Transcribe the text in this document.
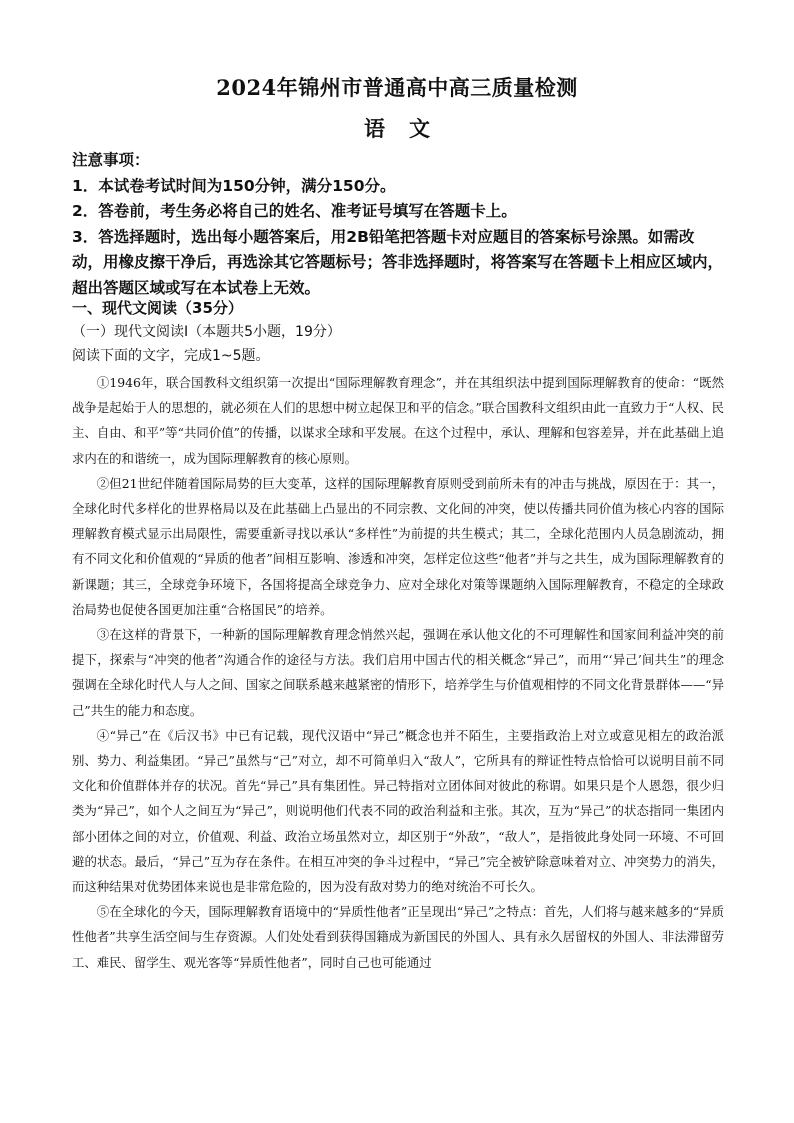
2024年锦州市普通高中高三质量检测
语文

注意事项：

1．本试卷考试时间为150分钟，满分150分。

2．答卷前，考生务必将自己的姓名、准考证号填写在答题卡上。

3．答选择题时，选出每小题答案后，用2B铅笔把答题卡对应题目的答案标号涂黑。如需改动，用橡皮擦干净后，再选涂其它答题标号；答非选择题时，将答案写在答题卡上相应区域内，超出答题区域或写在本试卷上无效。

一、现代文阅读（35分）

（一）现代文阅读Ⅰ（本题共5小题，19分）

阅读下面的文字，完成1~5题。

①1946年，联合国教科文组织第一次提出“国际理解教育理念”，并在其组织法中提到国际理解教育的使命：“既然战争是起始于人的思想的，就必须在人们的思想中树立起保卫和平的信念。”联合国教科文组织由此一直致力于“人权、民主、自由、和平”等“共同价值”的传播，以谋求全球和平发展。在这个过程中，承认、理解和包容差异，并在此基础上追求内在的和谐统一，成为国际理解教育的核心原则。

②但21世纪伴随着国际局势的巨大变革，这样的国际理解教育原则受到前所未有的冲击与挑战，原因在于：其一，全球化时代多样化的世界格局以及在此基础上凸显出的不同宗教、文化间的冲突，使以传播共同价值为核心内容的国际理解教育模式显示出局限性，需要重新寻找以承认“多样性”为前提的共生模式；其二，全球化范围内人员急剧流动，拥有不同文化和价值观的“异质的他者”间相互影响、渗透和冲突，怎样定位这些“他者”并与之共生，成为国际理解教育的新课题；其三，全球竞争环境下，各国将提高全球竞争力、应对全球化对策等课题纳入国际理解教育，不稳定的全球政治局势也促使各国更加注重“合格国民”的培养。

③在这样的背景下，一种新的国际理解教育理念悄然兴起，强调在承认他文化的不可理解性和国家间利益冲突的前提下，探索与“冲突的他者”沟通合作的途径与方法。我们启用中国古代的相关概念“异己”，而用“‘异己’间共生”的理念强调在全球化时代人与人之间、国家之间联系越来越紧密的情形下，培养学生与价值观相悖的不同文化背景群体——“异己”共生的能力和态度。

④“异己”在《后汉书》中已有记载，现代汉语中“异己”概念也并不陌生，主要指政治上对立或意见相左的政治派别、势力、利益集团。“异己”虽然与“己”对立，却不可简单归入“敌人”，它所具有的辩证性特点恰恰可以说明目前不同文化和价值群体并存的状况。首先“异己”具有集团性。异己特指对立团体间对彼此的称谓。如果只是个人恩怨，很少归类为“异己”，如个人之间互为“异己”，则说明他们代表不同的政治利益和主张。其次，互为“异己”的状态指同一集团内部小团体之间的对立，价值观、利益、政治立场虽然对立，却区别于“外敌”，“敌人”，是指彼此身处同一环境、不可回避的状态。最后，“异己”互为存在条件。在相互冲突的争斗过程中，“异己”完全被铲除意味着对立、冲突势力的消失，而这种结果对优势团体来说也是非常危险的，因为没有敌对势力的绝对统治不可长久。

⑤在全球化的今天，国际理解教育语境中的“异质性他者”正呈现出“异己”之特点：首先，人们将与越来越多的“异质性他者”共享生活空间与生存资源。人们处处看到获得国籍成为新国民的外国人、具有永久居留权的外国人、非法滞留劳工、难民、留学生、观光客等“异质性他者”，同时自己也可能通过
